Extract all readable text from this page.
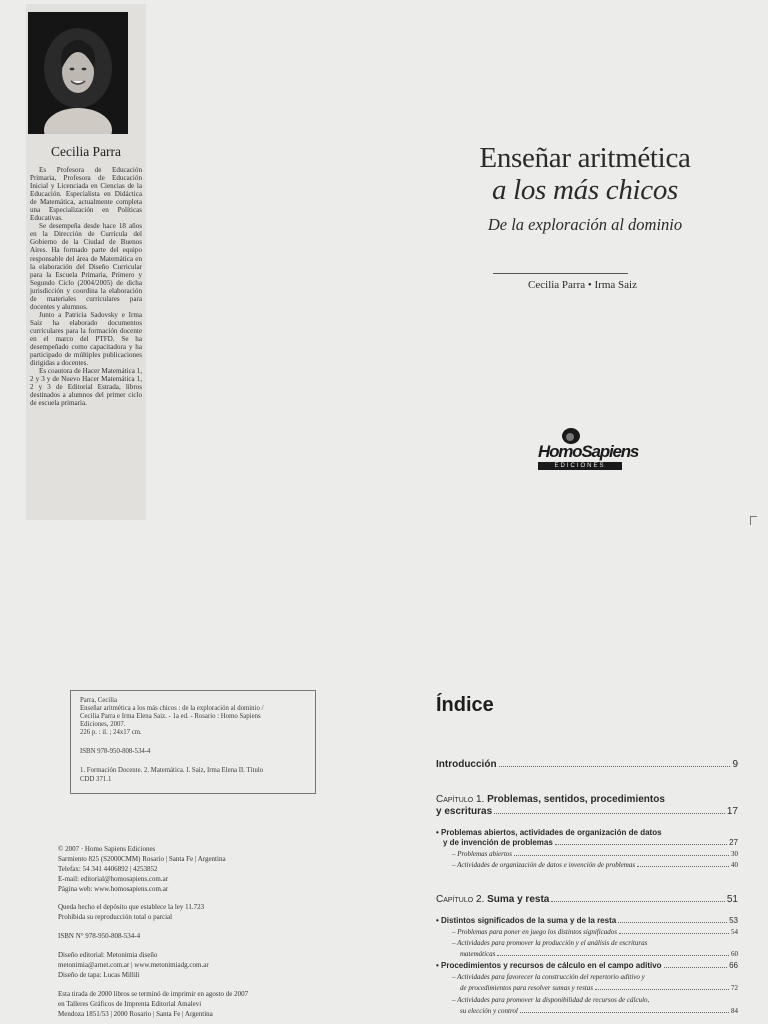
Cecilia Parra

Es Profesora de Educación Primaria, Profesora de Educación Inicial y Licenciada en Ciencias de la Educación. Especialista en Didáctica de Matemática, actualmente completa una Especialización en Políticas Educativas.

Se desempeña desde hace 18 años en la Dirección de Currícula del Gobierno de la Ciudad de Buenos Aires. Ha formado parte del equipo responsable del área de Matemática en la elaboración del Diseño Curricular para la Escuela Primaria, Primero y Segundo Ciclo (2004/2005) de dicha jurisdicción y coordina la elaboración de materiales curriculares para docentes y alumnos.

Junto a Patricia Sadovsky e Irma Saiz ha elaborado documentos curriculares para la formación docente en el marco del PTFD. Se ha desempeñado como capacitadora y ha participado de múltiples publicaciones dirigidas a docentes.

Es coautora de Hacer Matemática 1, 2 y 3 y de Nuevo Hacer Matemática 1, 2 y 3 de Editorial Estrada, libros destinados a alumnos del primer ciclo de escuela primaria.

Enseñar aritmética
a los más chicos
De la exploración al dominio
Cecilia Parra • Irma Saiz
HomoSapiens
EDICIONES
Parra, Cecilia
Enseñar aritmética a los más chicos : de la exploración al dominio /
Cecilia Parra e Irma Elena Saiz. - 1a ed. - Rosario : Homo Sapiens
Ediciones, 2007.
226 p. : il. ; 24x17 cm.
ISBN 978-950-808-534-4
1. Formación Docente. 2. Matemática. I. Saiz, Irma Elena II. Título
CDD 371.1
© 2007 · Homo Sapiens Ediciones
Sarmiento 825 (S2000CMM) Rosario | Santa Fe | Argentina
Telefax: 54 341 4406892 | 4253852
E-mail: editorial@homosapiens.com.ar
Página web: www.homosapiens.com.ar
Queda hecho el depósito que establece la ley 11.723
Prohibida su reproducción total o parcial
ISBN N° 978-950-808-534-4
Diseño editorial: Metonimia diseño
metonimia@arnet.com.ar | www.metonimiadg.com.ar
Diseño de tapa: Lucas Millili
Esta tirada de 2000 libros se terminó de imprimir en agosto de 2007
en Talleres Gráficos de Imprenta Editorial Amalevi
Mendoza 1851/53 | 2000 Rosario | Santa Fe | Argentina
Índice
Introducción	9
Capítulo 1. Problemas, sentidos, procedimientos
y escrituras	17
• Problemas abiertos, actividades de organización de datos
y de invención de problemas	27
– Problemas abiertos	30
– Actividades de organización de datos e invención de problemas	40
Capítulo 2. Suma y resta	51
• Distintos significados de la suma y de la resta	53
– Problemas para poner en juego los distintos significados	54
– Actividades para promover la producción y el análisis de escrituras
matemáticas	60
• Procedimientos y recursos de cálculo en el campo aditivo	66
– Actividades para favorecer la construcción del repertorio aditivo y
de procedimientos para resolver sumas y restas	72
– Actividades para promover la disponibilidad de recursos de cálculo,
su elección y control	84
